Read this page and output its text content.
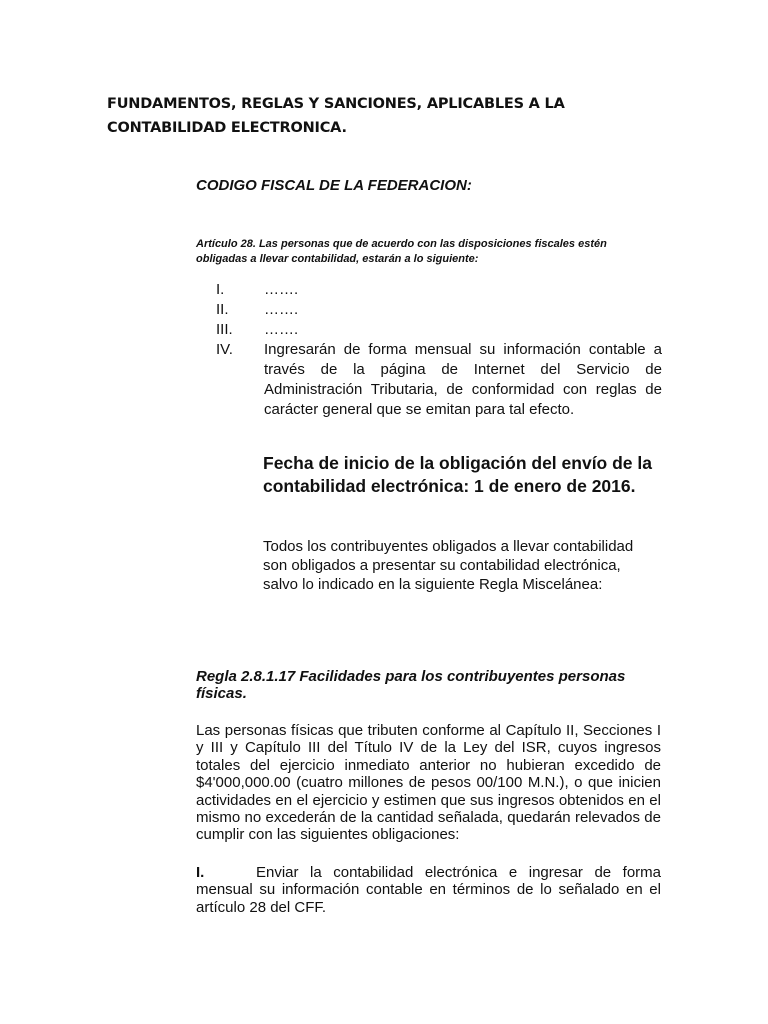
FUNDAMENTOS, REGLAS Y SANCIONES, APLICABLES A LA CONTABILIDAD ELECTRONICA.
CODIGO FISCAL DE LA FEDERACION:

Artículo 28. Las personas que de acuerdo con las disposiciones fiscales estén obligadas a llevar contabilidad, estarán a lo siguiente:

I.	…….
II.	…….
III.	…….
IV.	Ingresarán de forma mensual su información contable a través de la página de Internet del Servicio de Administración Tributaria, de conformidad con reglas de carácter general que se emitan para tal efecto.

Fecha de inicio de la obligación del envío de la contabilidad electrónica: 1 de enero de 2016.

Todos los contribuyentes obligados a llevar contabilidad son obligados a presentar su contabilidad electrónica, salvo lo indicado en la siguiente Regla Miscelánea:

Regla 2.8.1.17 Facilidades para los contribuyentes personas físicas.

Las personas físicas que tributen conforme al Capítulo II, Secciones I y III y Capítulo III del Título IV de la Ley del ISR, cuyos ingresos totales del ejercicio inmediato anterior no hubieran excedido de $4'000,000.00 (cuatro millones de pesos 00/100 M.N.), o que inicien actividades en el ejercicio y estimen que sus ingresos obtenidos en el mismo no excederán de la cantidad señalada, quedarán relevados de cumplir con las siguientes obligaciones:

I.	Enviar la contabilidad electrónica e ingresar de forma mensual su información contable en términos de lo señalado en el artículo 28 del CFF.
